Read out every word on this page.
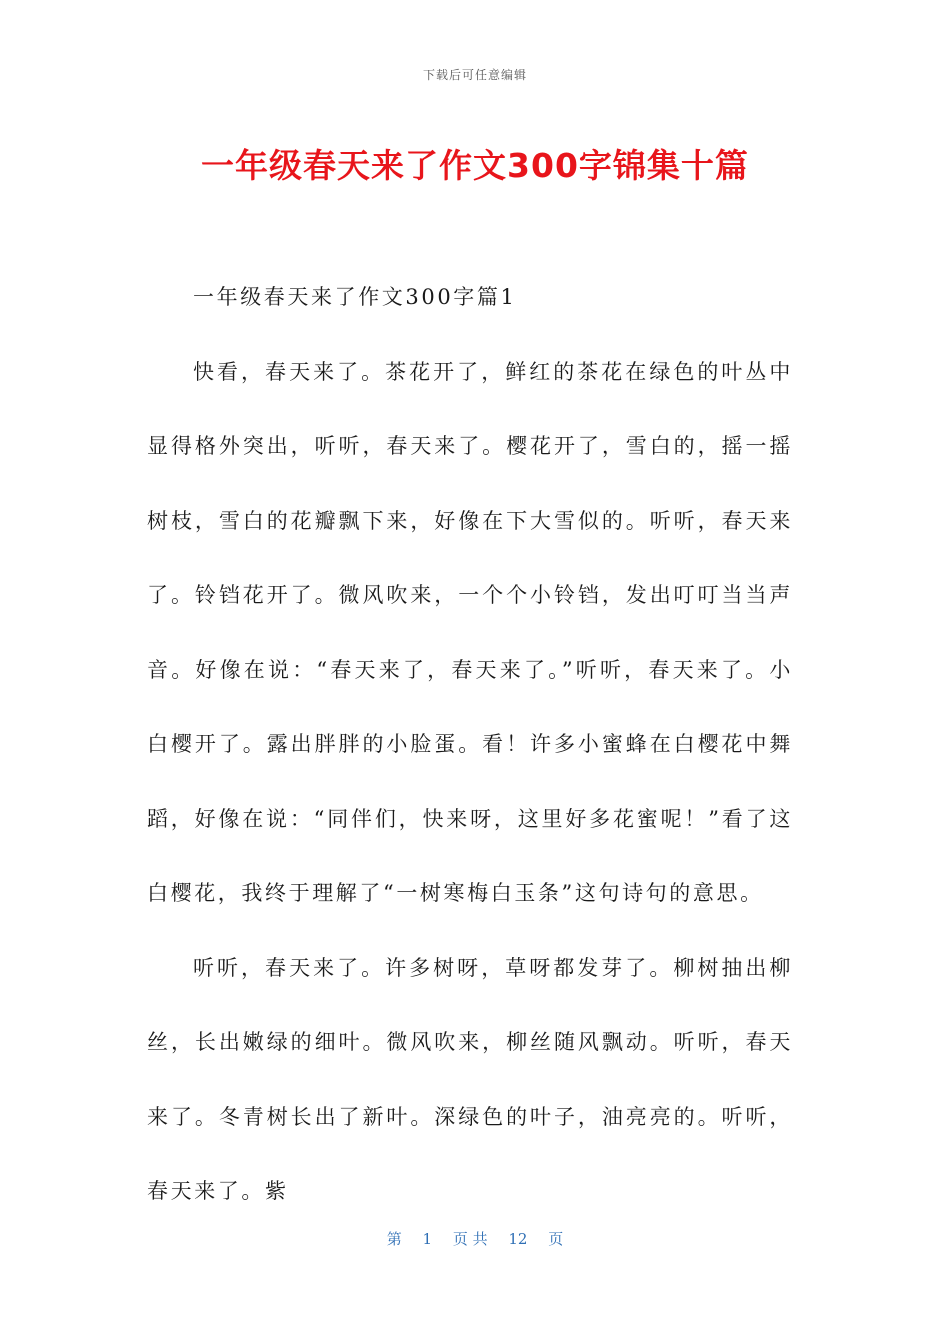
下载后可任意编辑
一年级春天来了作文300字锦集十篇

一年级春天来了作文300字篇1

快看，春天来了。茶花开了，鲜红的茶花在绿色的叶丛中显得格外突出，听听，春天来了。樱花开了，雪白的，摇一摇树枝，雪白的花瓣飘下来，好像在下大雪似的。听听，春天来了。铃铛花开了。微风吹来，一个个小铃铛，发出叮叮当当声音。好像在说：“春天来了，春天来了。”听听，春天来了。小白樱开了。露出胖胖的小脸蛋。看！许多小蜜蜂在白樱花中舞蹈，好像在说：“同伴们，快来呀，这里好多花蜜呢！”看了这白樱花，我终于理解了“一树寒梅白玉条”这句诗句的意思。

听听，春天来了。许多树呀，草呀都发芽了。柳树抽出柳丝，长出嫩绿的细叶。微风吹来，柳丝随风飘动。听听，春天来了。冬青树长出了新叶。深绿色的叶子，油亮亮的。听听，春天来了。紫

第 1 页 共 12 页
